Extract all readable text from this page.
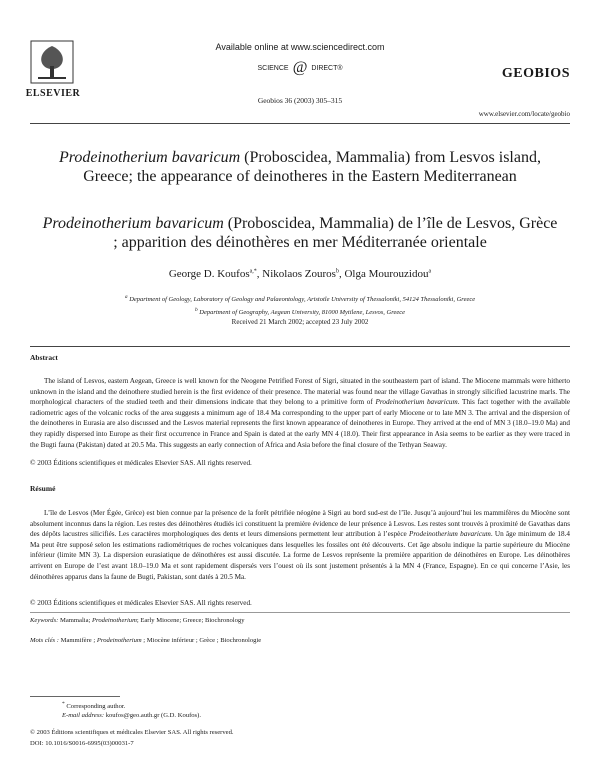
ELSEVIER
Available online at www.sciencedirect.com
SCIENCE @ DIRECT®
Geobios 36 (2003) 305–315
GEOBIOS
www.elsevier.com/locate/geobio
Prodeinotherium bavaricum (Proboscidea, Mammalia) from Lesvos island, Greece; the appearance of deinotheres in the Eastern Mediterranean
Prodeinotherium bavaricum (Proboscidea, Mammalia) de l’île de Lesvos, Grèce ; apparition des déinothères en mer Méditerranée orientale
George D. Koufos$^{a,*}$, Nikolaos Zouros$^b$, Olga Mourouzidou$^a$
$^a$ Department of Geology, Laboratory of Geology and Palaeontology, Aristotle University of Thessaloniki, 54124 Thessaloniki, Greece
$^b$ Department of Geography, Aegean University, 81000 Mytilene, Lesvos, Greece
Received 21 March 2002; accepted 23 July 2002
Abstract
The island of Lesvos, eastern Aegean, Greece is well known for the Neogene Petrified Forest of Sigri, situated in the southeastern part of island. The Miocene mammals were hitherto unknown in the island and the deinothere studied herein is the first evidence of their presence. The material was found near the village Gavathas in strongly silicified lacustrine marls. The morphological characters of the studied teeth and their dimensions indicate that they belong to a primitive form of Prodeinotherium bavaricum. This fact together with the available radiometric ages of the volcanic rocks of the area suggests a minimum age of 18.4 Ma corresponding to the upper part of early Miocene or to late MN 3. The arrival and the dispersion of the deinotheres in Eurasia are also discussed and the Lesvos material represents the first known appearance of deinotheres in Europe. They arrived at the end of MN 3 (18.0–19.0 Ma) and they rapidly dispersed into Europe as their first occurrence in France and Spain is dated at the early MN 4 (18.0). Their first appearance in Asia seems to be earlier as they were traced in the Bugti fauna (Pakistan) dated at 20.5 Ma. This suggests an early connection of Africa and Asia before the final closure of the Tethyan Seaway.
© 2003 Éditions scientifiques et médicales Elsevier SAS. All rights reserved.
Résumé
L’île de Lesvos (Mer Égée, Grèce) est bien connue par la présence de la forêt pétrifiée néogène à Sigri au bord sud-est de l’île. Jusqu’à aujourd’hui les mammifères du Miocène sont absolument inconnus dans la région. Les restes des déinothères étudiés ici constituent la première évidence de leur présence à Lesvos. Les restes sont trouvés à proximité de Gavathas dans des dépôts lacustres silicifiés. Les caractères morphologiques des dents et leurs dimensions permettent leur attribution à l’espèce Prodeinotherium bavaricum. Un âge minimum de 18.4 Ma peut être supposé selon les estimations radiométriques de roches volcaniques dans lesquelles les fossiles ont été découverts. Cet âge absolu indique la partie supérieure du Miocène inférieur (limite MN 3). La dispersion eurasiatique de déinothères est aussi discutée. La forme de Lesvos représente la première apparition de déinothères en Europe. Les déinothères arrivent en Europe de l’est avant 18.0–19.0 Ma et sont rapidement dispersés vers l’ouest où ils sont justement présentés à la MN 4 (France, Espagne). En ce qui concerne l’Asie, les déinothères apparus dans la faune de Bugti, Pakistan, sont datés à 20.5 Ma.
© 2003 Éditions scientifiques et médicales Elsevier SAS. All rights reserved.
Keywords: Mammalia; Prodeinotherium; Early Miocene; Greece; Biochronology
Mots clés : Mammifère ; Prodeinotherium ; Miocène inférieur ; Grèce ; Biochronologie
* Corresponding author.
E-mail address: koufos@geo.auth.gr (G.D. Koufos).
© 2003 Éditions scientifiques et médicales Elsevier SAS. All rights reserved.
DOI: 10.1016/S0016-6995(03)00031-7
